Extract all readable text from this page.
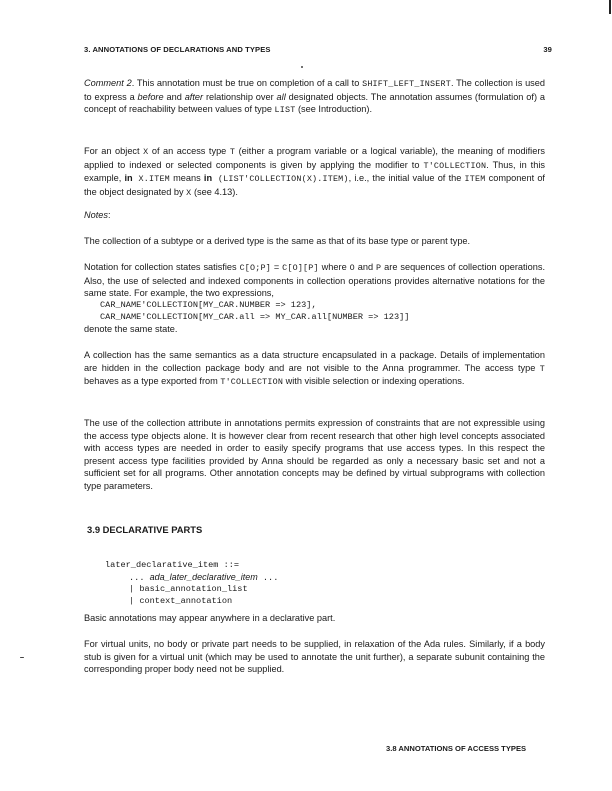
3. ANNOTATIONS OF DECLARATIONS AND TYPES	39

Comment 2. This annotation must be true on completion of a call to SHIFT_LEFT_INSERT. The collection is used to express a before and after relationship over all designated objects. The annotation assumes (formulation of) a concept of reachability between values of type LIST (see Introduction).

For an object X of an access type T (either a program variable or a logical variable), the meaning of modifiers applied to indexed or selected components is given by applying the modifier to T'COLLECTION. Thus, in this example, in X.ITEM means in (LIST'COLLECTION(X).ITEM), i.e., the initial value of the ITEM component of the object designated by X (see 4.13).

Notes:

The collection of a subtype or a derived type is the same as that of its base type or parent type.

Notation for collection states satisfies C[O;P] = C[O][P] where O and P are sequences of collection operations. Also, the use of selected and indexed components in collection operations provides alternative notations for the same state. For example, the two expressions,

CAR_NAME'COLLECTION[MY_CAR.NUMBER => 123],
CAR_NAME'COLLECTION[MY_CAR.all => MY_CAR.all[NUMBER => 123]]

denote the same state.

A collection has the same semantics as a data structure encapsulated in a package. Details of implementation are hidden in the collection package body and are not visible to the Anna programmer. The access type T behaves as a type exported from T'COLLECTION with visible selection or indexing operations.

The use of the collection attribute in annotations permits expression of constraints that are not expressible using the access type objects alone. It is however clear from recent research that other high level concepts associated with access types are needed in order to easily specify programs that use access types. In this respect the present access type facilities provided by Anna should be regarded as only a necessary basic set and not a sufficient set for all programs. Other annotation concepts may be defined by virtual subprograms with collection type parameters.

3.9 DECLARATIVE PARTS
later_declarative_item ::=
... ada_later_declarative_item ...
| basic_annotation_list
| context_annotation

Basic annotations may appear anywhere in a declarative part.

For virtual units, no body or private part needs to be supplied, in relaxation of the Ada rules. Similarly, if a body stub is given for a virtual unit (which may be used to annotate the unit further), a separate subunit containing the corresponding proper body need not be supplied.

3.8 ANNOTATIONS OF ACCESS TYPES
